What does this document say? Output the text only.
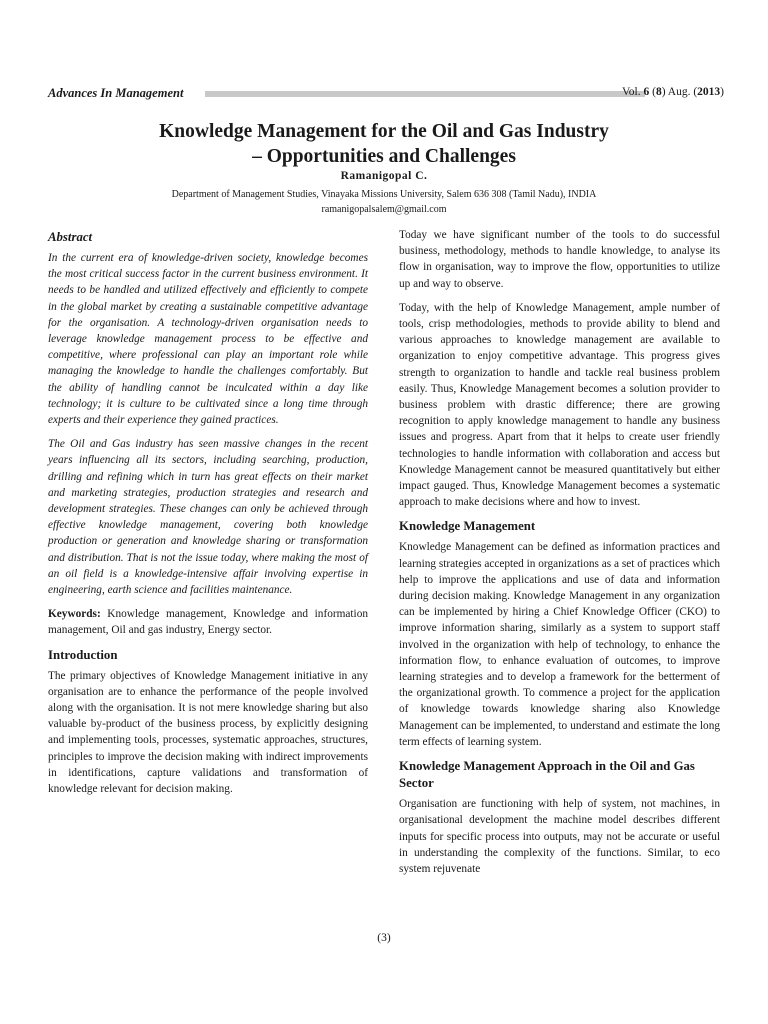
Advances In Management	Vol. 6 (8) Aug. (2013)
Knowledge Management for the Oil and Gas Industry
– Opportunities and Challenges
Ramanigopal C.
Department of Management Studies, Vinayaka Missions University, Salem 636 308 (Tamil Nadu), INDIA
ramanigopalsalem@gmail.com
Abstract

In the current era of knowledge-driven society, knowledge becomes the most critical success factor in the current business environment. It needs to be handled and utilized effectively and efficiently to compete in the global market by creating a sustainable competitive advantage for the organisation. A technology-driven organisation needs to leverage knowledge management process to be effective and competitive, where professional can play an important role while managing the knowledge to handle the challenges comfortably. But the ability of handling cannot be inculcated within a day like technology; it is culture to be cultivated since a long time through experts and their experience they gained practices.

The Oil and Gas industry has seen massive changes in the recent years influencing all its sectors, including searching, production, drilling and refining which in turn has great effects on their market and marketing strategies, production strategies and research and development strategies. These changes can only be achieved through effective knowledge management, covering both knowledge production or generation and knowledge sharing or transformation and distribution. That is not the issue today, where making the most of an oil field is a knowledge-intensive affair involving expertise in engineering, earth science and facilities maintenance.

Keywords: Knowledge management, Knowledge and information management, Oil and gas industry, Energy sector.

Introduction

The primary objectives of Knowledge Management initiative in any organisation are to enhance the performance of the people involved along with the organisation. It is not mere knowledge sharing but also valuable by-product of the business process, by explicitly designing and implementing tools, processes, systematic approaches, structures, principles to improve the decision making with indirect improvements in identifications, capture validations and transformation of knowledge relevant for decision making.

Today we have significant number of the tools to do successful business, methodology, methods to handle knowledge, to analyse its flow in organisation, way to improve the flow, opportunities to utilize up and way to observe.

Today, with the help of Knowledge Management, ample number of tools, crisp methodologies, methods to provide ability to blend and various approaches to knowledge management are available to organization to enjoy competitive advantage. This progress gives strength to organization to handle and tackle real business problem easily. Thus, Knowledge Management becomes a solution provider to business problem with drastic difference; there are growing recognition to apply knowledge management to handle any business issues and progress. Apart from that it helps to create user friendly technologies to handle information with collaboration and access but Knowledge Management cannot be measured quantitatively but either impact gauged. Thus, Knowledge Management becomes a systematic approach to make decisions where and how to invest.

Knowledge Management

Knowledge Management can be defined as information practices and learning strategies accepted in organizations as a set of practices which help to improve the applications and use of data and information during decision making. Knowledge Management in any organization can be implemented by hiring a Chief Knowledge Officer (CKO) to improve information sharing, similarly as a system to support staff involved in the organization with help of technology, to enhance the information flow, to enhance evaluation of outcomes, to improve learning strategies and to develop a framework for the betterment of the organizational growth. To commence a project for the application of knowledge towards knowledge sharing also Knowledge Management can be implemented, to understand and estimate the long term effects of learning system.

Knowledge Management Approach in the Oil and Gas Sector

Organisation are functioning with help of system, not machines, in organisational development the machine model describes different inputs for specific process into outputs, may not be accurate or useful in understanding the complexity of the functions. Similar, to eco system rejuvenate

(3)
